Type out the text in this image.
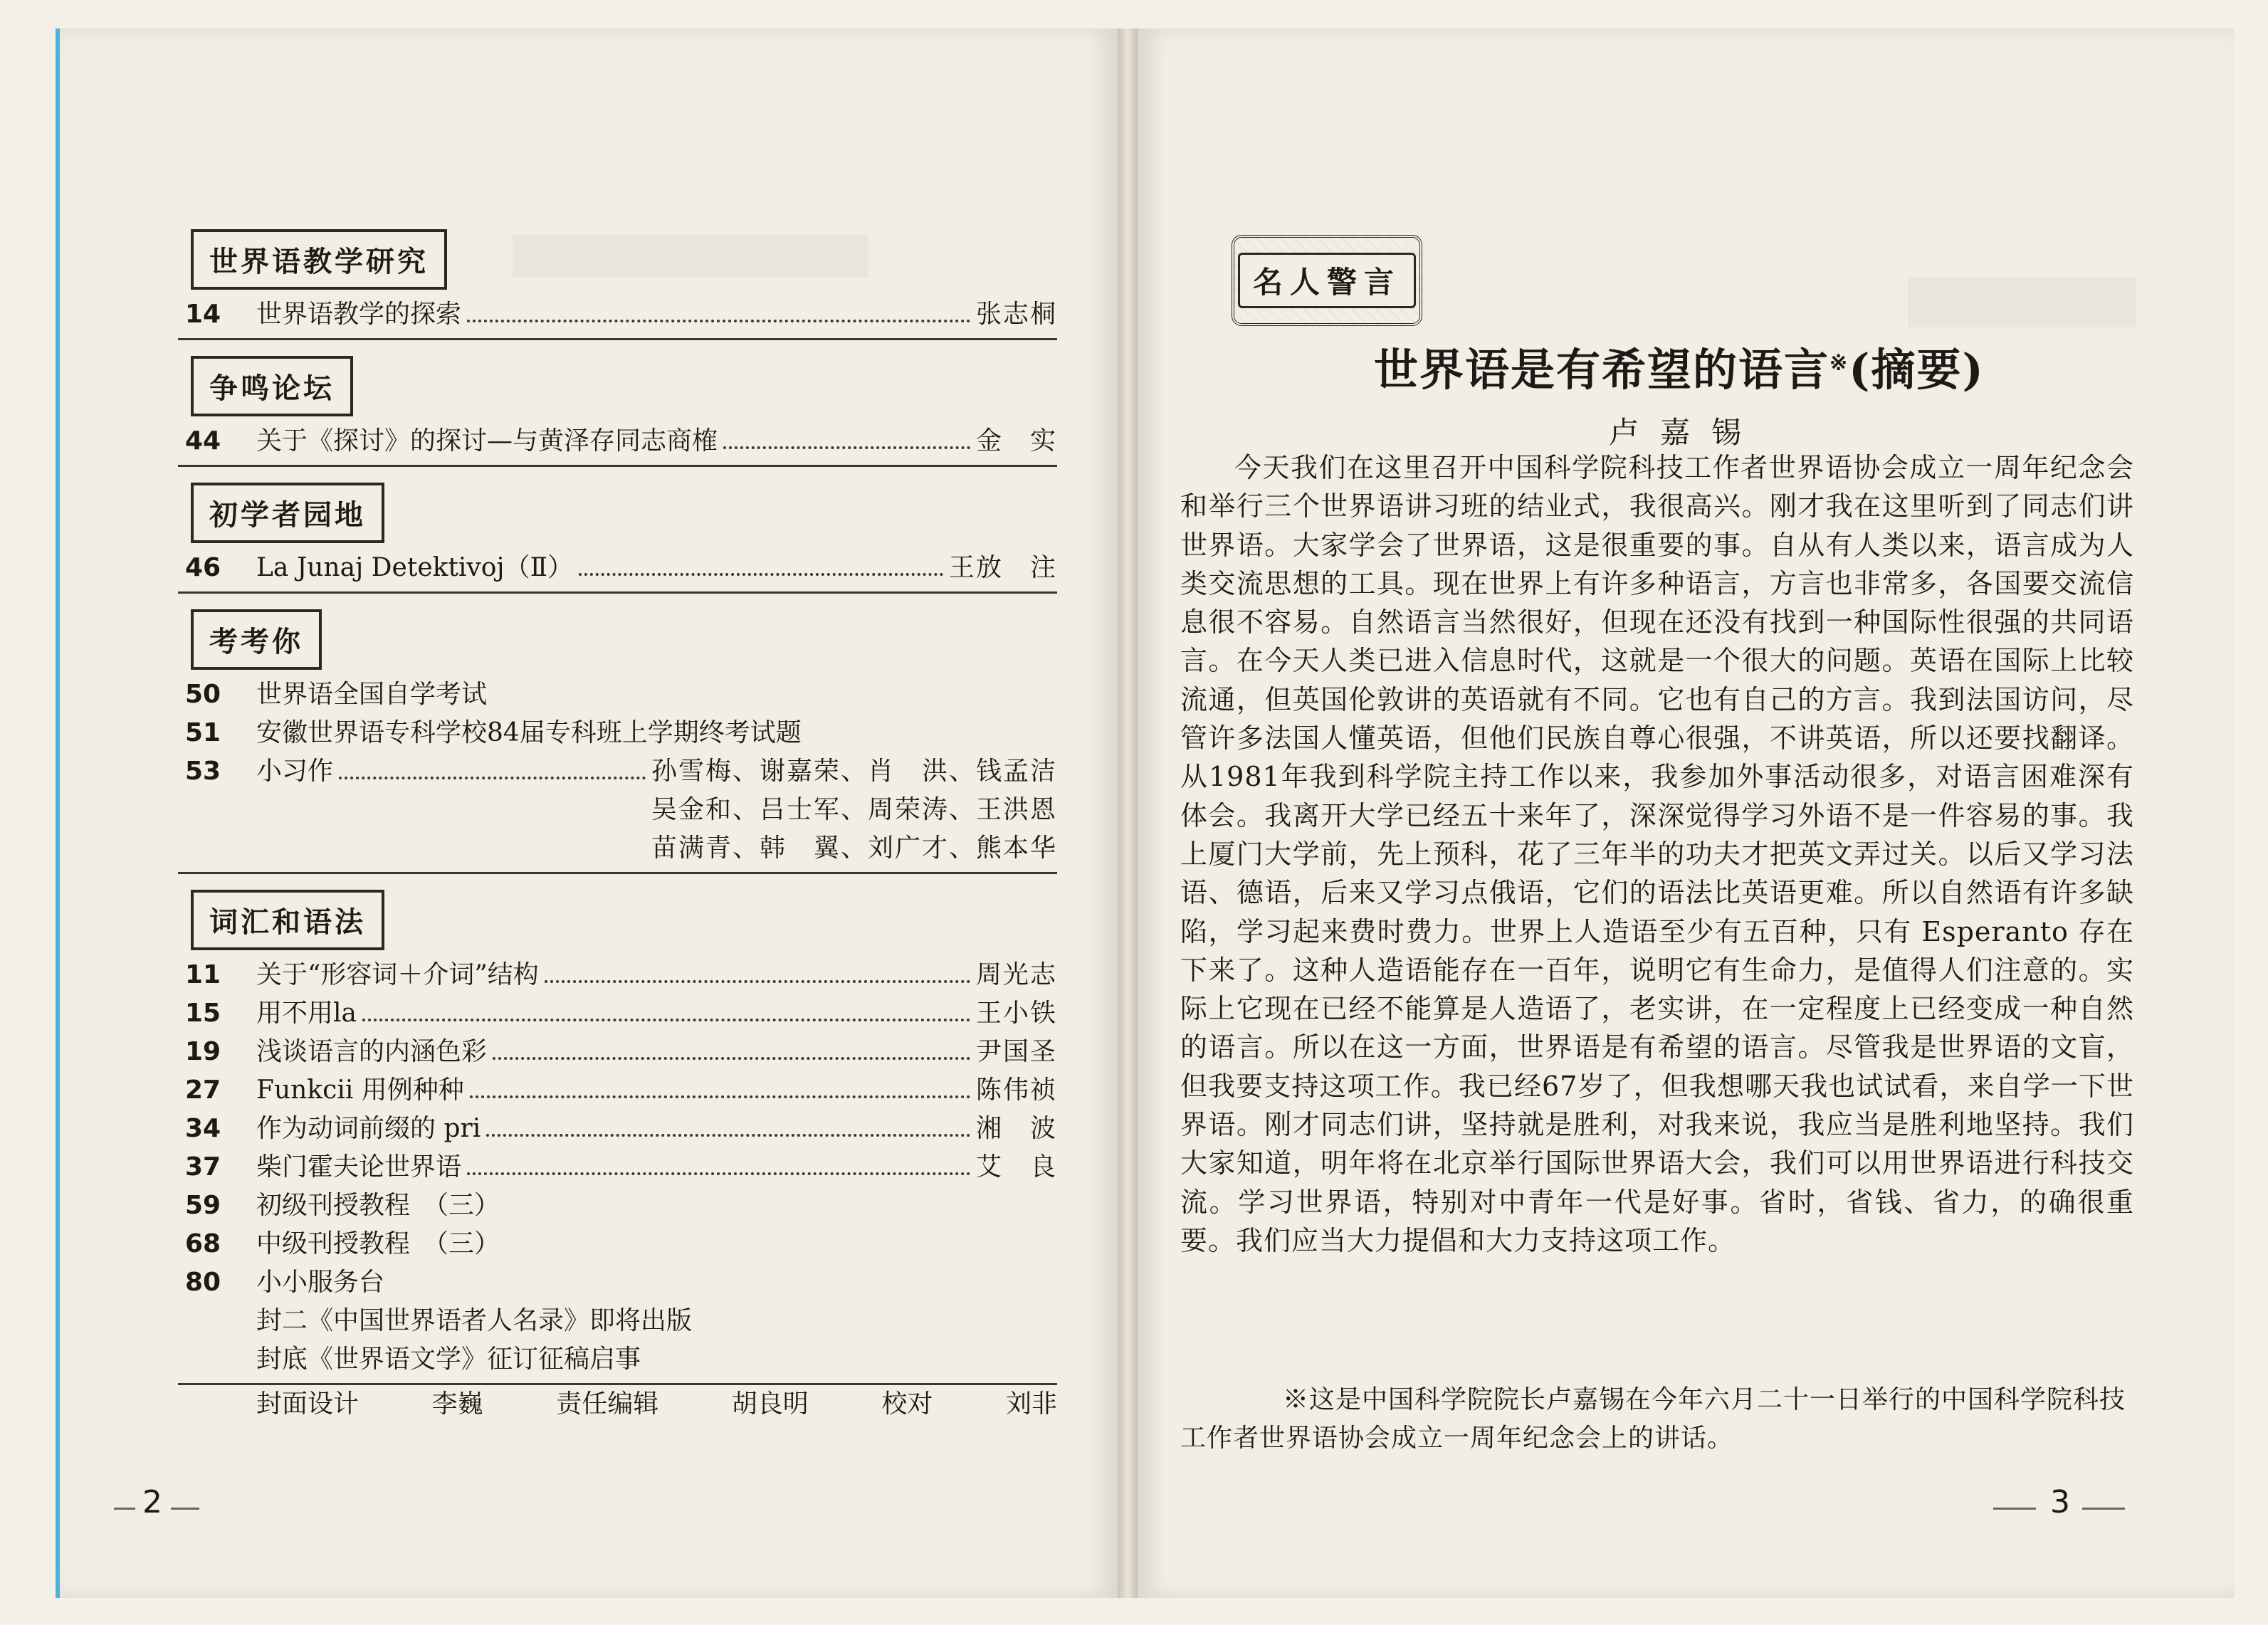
世界语教学研究
14	世界语教学的探索	张志桐
争鸣论坛
44	关于《探讨》的探讨—与黄泽存同志商榷	金　实
初学者园地
46	La Junaj Detektivoj（Ⅱ）	王放　注
考考你
50	世界语全国自学考试
51	安徽世界语专科学校84届专科班上学期终考试题
53	小习作	孙雪梅、谢嘉荣、肖　洪、钱孟洁
吴金和、吕士军、周荣涛、王洪恩
苗满青、韩　翼、刘广才、熊本华
词汇和语法
11	关于“形容词＋介词”结构	周光志
15	用不用la	王小铁
19	浅谈语言的内涵色彩	尹国圣
27	Funkcii 用例种种	陈伟祯
34	作为动词前缀的 pri	湘　波
37	柴门霍夫论世界语	艾　良
59	初级刊授教程　（三）
68	中级刊授教程　（三）
80	小小服务台
封二《中国世界语者人名录》即将出版
封底《世界语文学》征订征稿启事
封面设计	李巍	责任编辑	胡良明	校对	刘非
2
名人警言
世界语是有希望的语言※(摘要)
卢嘉锡
今天我们在这里召开中国科学院科技工作者世界语协会成立一周年纪念会和举行三个世界语讲习班的结业式，我很高兴。刚才我在这里听到了同志们讲世界语。大家学会了世界语，这是很重要的事。自从有人类以来，语言成为人类交流思想的工具。现在世界上有许多种语言，方言也非常多，各国要交流信息很不容易。自然语言当然很好，但现在还没有找到一种国际性很强的共同语言。在今天人类已进入信息时代，这就是一个很大的问题。英语在国际上比较流通，但英国伦敦讲的英语就有不同。它也有自己的方言。我到法国访问，尽管许多法国人懂英语，但他们民族自尊心很强，不讲英语，所以还要找翻译。从1981年我到科学院主持工作以来，我参加外事活动很多，对语言困难深有体会。我离开大学已经五十来年了，深深觉得学习外语不是一件容易的事。我上厦门大学前，先上预科，花了三年半的功夫才把英文弄过关。以后又学习法语、德语，后来又学习点俄语，它们的语法比英语更难。所以自然语有许多缺陷，学习起来费时费力。世界上人造语至少有五百种，只有 Esperanto 存在下来了。这种人造语能存在一百年，说明它有生命力，是值得人们注意的。实际上它现在已经不能算是人造语了，老实讲，在一定程度上已经变成一种自然的语言。所以在这一方面，世界语是有希望的语言。尽管我是世界语的文盲，但我要支持这项工作。我已经67岁了，但我想哪天我也试试看，来自学一下世界语。刚才同志们讲，坚持就是胜利，对我来说，我应当是胜利地坚持。我们大家知道，明年将在北京举行国际世界语大会，我们可以用世界语进行科技交流。学习世界语，特别对中青年一代是好事。省时，省钱、省力，的确很重要。我们应当大力提倡和大力支持这项工作。
※这是中国科学院院长卢嘉锡在今年六月二十一日举行的中国科学院科技工作者世界语协会成立一周年纪念会上的讲话。
3
